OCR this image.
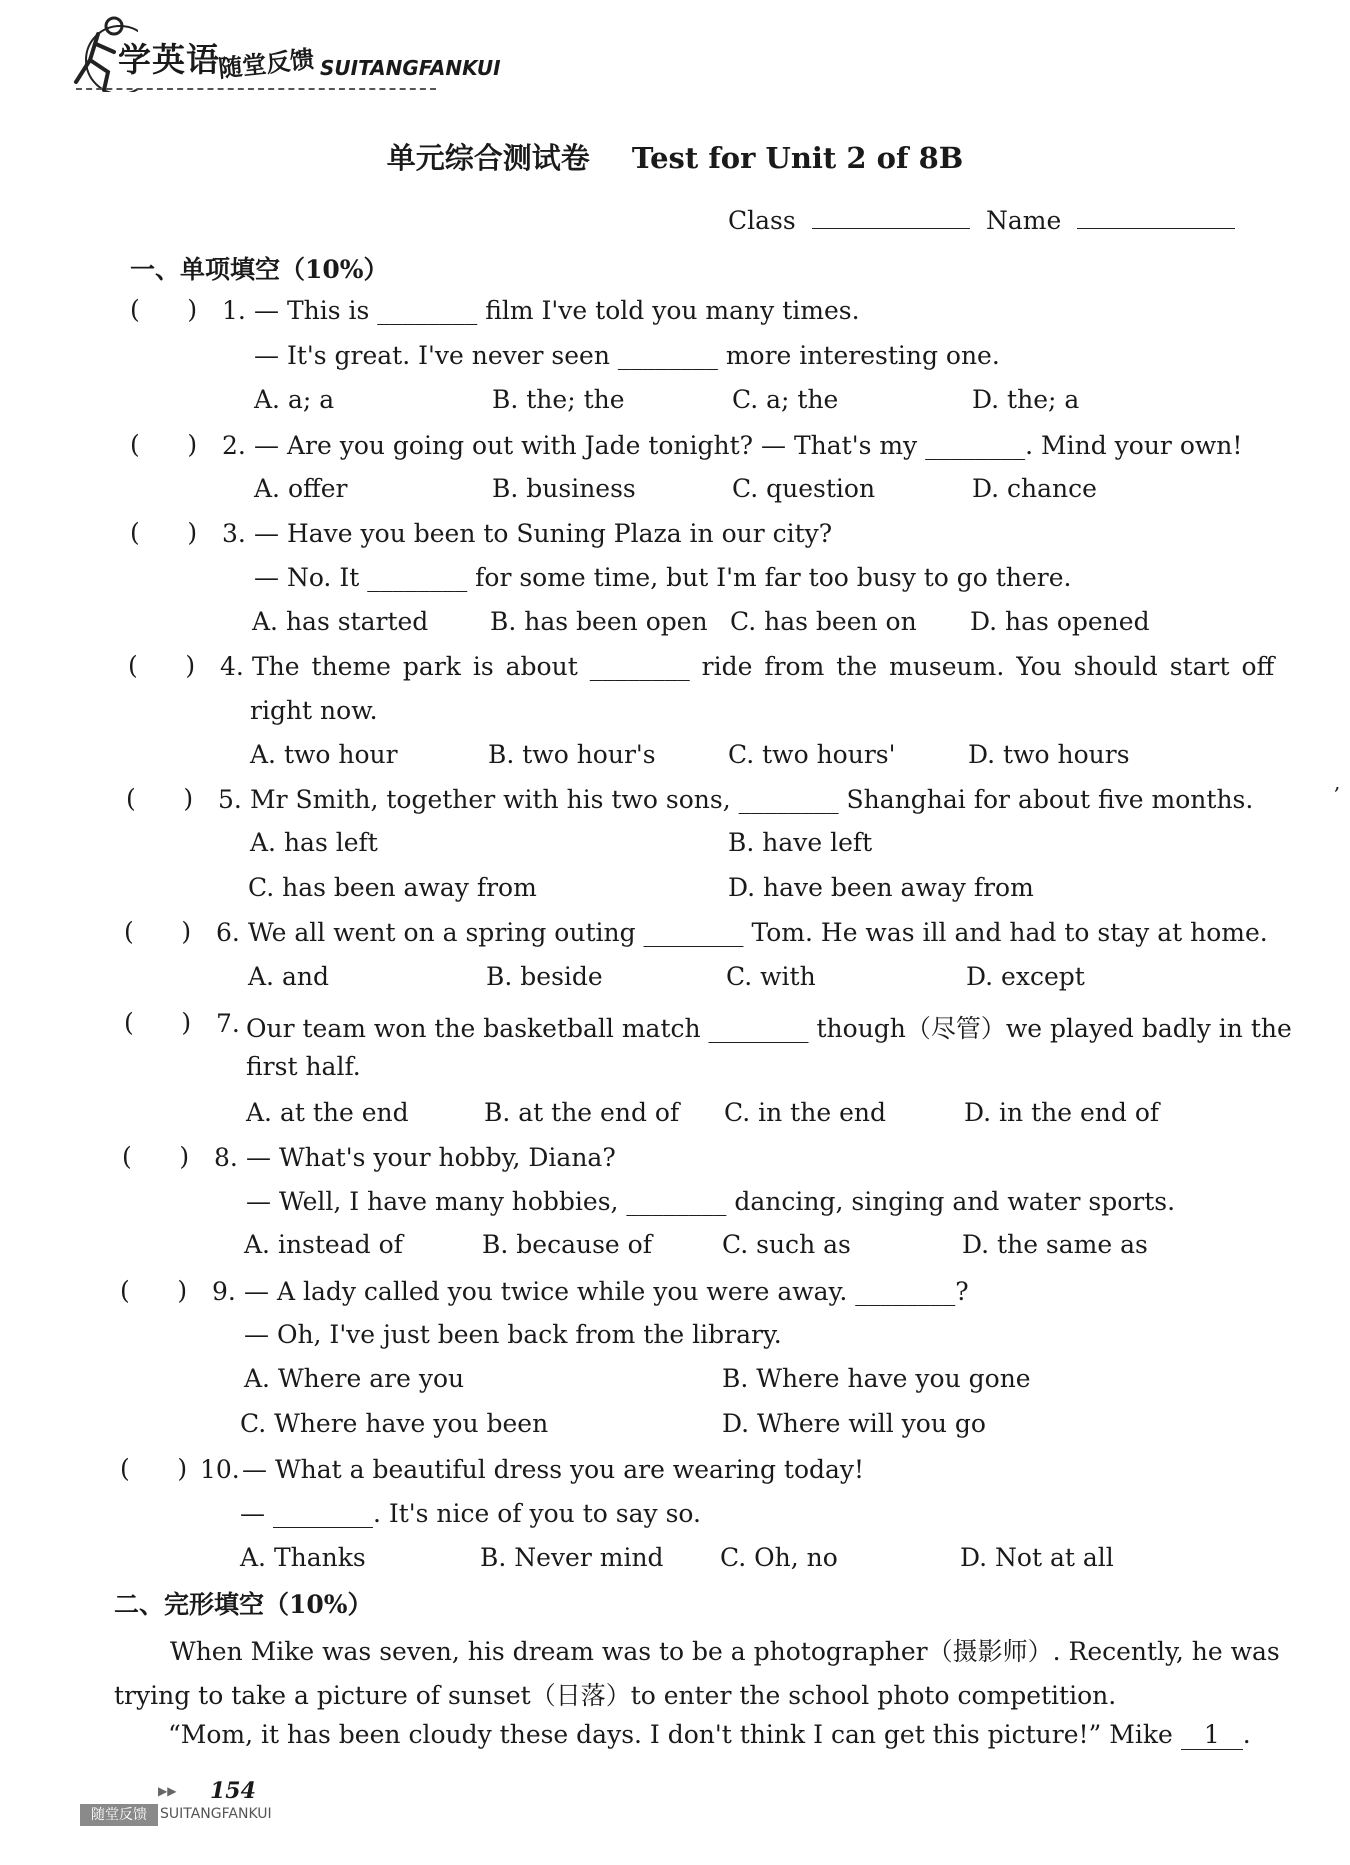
学英语
随堂反馈 SUITANGFANKUI
单元综合测试卷 Test for Unit 2 of 8B
Class	Name
一、单项填空（10%）
(      ) 1. — This is ________ film I've told you many times.
— It's great. I've never seen ________ more interesting one.
A. a; a	B. the; the	C. a; the	D. the; a
(      ) 2. — Are you going out with Jade tonight? — That's my ________. Mind your own!
A. offer	B. business	C. question	D. chance
(      ) 3. — Have you been to Suning Plaza in our city?
— No. It ________ for some time, but I'm far too busy to go there.
A. has started B. has been open C. has been on D. has opened
(      ) 4. The theme park is about ________ ride from the museum. You should start off
right now.
A. two hour	B. two hour's	C. two hours'	D. two hours
(      ) 5. Mr Smith, together with his two sons, ________ Shanghai for about five months.
A. has left	B. have left
C. has been away from	D. have been away from
(      ) 6. We all went on a spring outing ________ Tom. He was ill and had to stay at home.
A. and	B. beside	C. with	D. except
(      ) 7. Our team won the basketball match ________ though（尽管）we played badly in the
first half.
A. at the end	B. at the end of C. in the end	D. in the end of
(      ) 8. — What's your hobby, Diana?
— Well, I have many hobbies, ________ dancing, singing and water sports.
A. instead of	B. because of	C. such as	D. the same as
(      ) 9. — A lady called you twice while you were away. ________?
— Oh, I've just been back from the library.
A. Where are you	B. Where have you gone
C. Where have you been	D. Where will you go
(      ) 10. — What a beautiful dress you are wearing today!
— ________. It's nice of you to say so.
A. Thanks	B. Never mind C. Oh, no	D. Not at all
二、完形填空（10%）
When Mike was seven, his dream was to be a photographer（摄影师）. Recently, he was
trying to take a picture of sunset（日落）to enter the school photo competition.
“Mom, it has been cloudy these days. I don't think I can get this picture!” Mike 1 .
,
▶▶ 154
随堂反馈 SUITANGFANKUI
